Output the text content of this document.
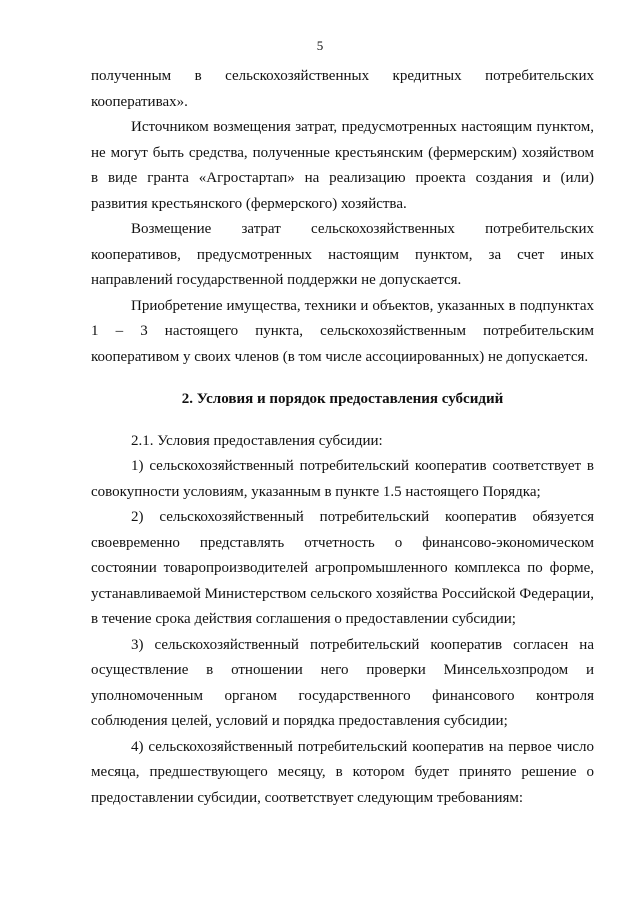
5

полученным в сельскохозяйственных кредитных потребительских кооперативах».

Источником возмещения затрат, предусмотренных настоящим пунктом, не могут быть средства, полученные крестьянским (фермерским) хозяйством в виде гранта «Агростартап» на реализацию проекта создания и (или) развития крестьянского (фермерского) хозяйства.

Возмещение затрат сельскохозяйственных потребительских кооперативов, предусмотренных настоящим пунктом, за счет иных направлений государственной поддержки не допускается.

Приобретение имущества, техники и объектов, указанных в подпунктах 1 – 3 настоящего пункта, сельскохозяйственным потребительским кооперативом у своих членов (в том числе ассоциированных) не допускается.

2. Условия и порядок предоставления субсидий

2.1. Условия предоставления субсидии:

1) сельскохозяйственный потребительский кооператив соответствует в совокупности условиям, указанным в пункте 1.5 настоящего Порядка;

2) сельскохозяйственный потребительский кооператив обязуется своевременно представлять отчетность о финансово-экономическом состоянии товаропроизводителей агропромышленного комплекса по форме, устанавливаемой Министерством сельского хозяйства Российской Федерации, в течение срока действия соглашения о предоставлении субсидии;

3) сельскохозяйственный потребительский кооператив согласен на осуществление в отношении него проверки Минсельхозпродом и уполномоченным органом государственного финансового контроля соблюдения целей, условий и порядка предоставления субсидии;

4) сельскохозяйственный потребительский кооператив на первое число месяца, предшествующего месяцу, в котором будет принято решение о предоставлении субсидии, соответствует следующим требованиям:
